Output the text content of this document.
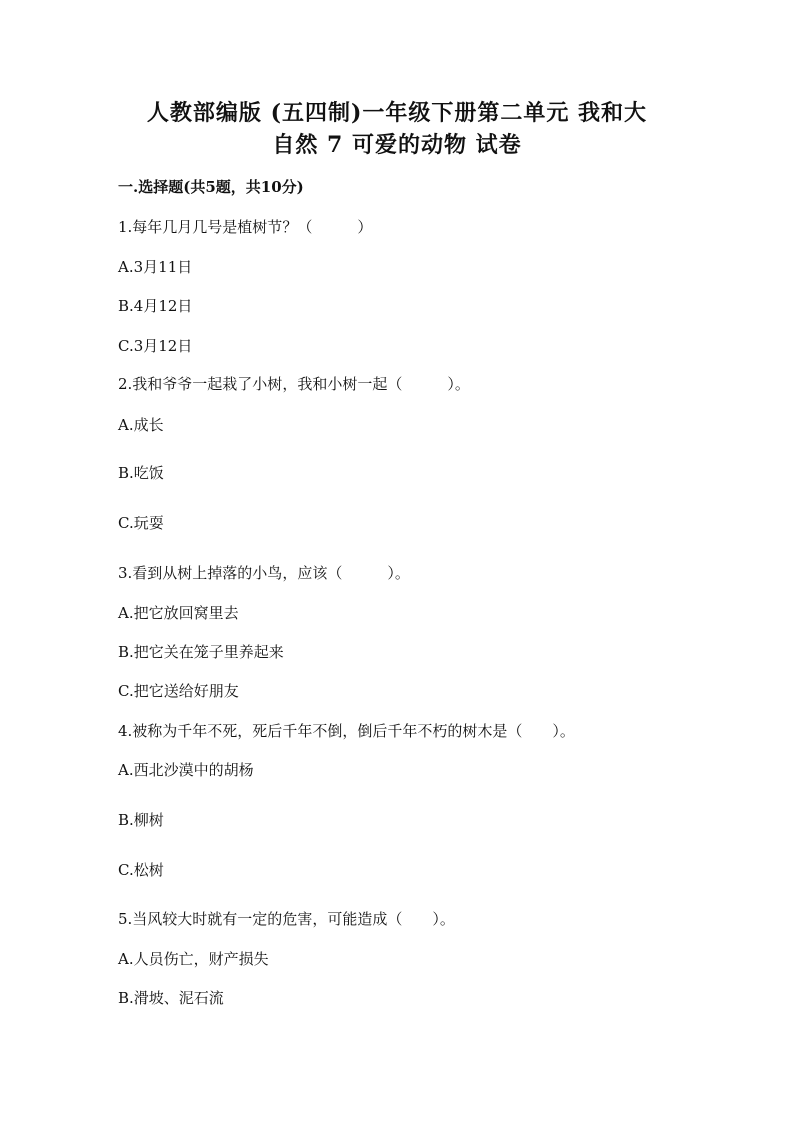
人教部编版 (五四制)一年级下册第二单元 我和大
自然 7 可爱的动物 试卷
一.选择题(共5题，共10分)
1.每年几月几号是植树节？（　　　）
A.3月11日
B.4月12日
C.3月12日
2.我和爷爷一起栽了小树，我和小树一起（　　　）。
A.成长
B.吃饭
C.玩耍
3.看到从树上掉落的小鸟，应该（　　　）。
A.把它放回窝里去
B.把它关在笼子里养起来
C.把它送给好朋友
4.被称为千年不死，死后千年不倒，倒后千年不朽的树木是（　　）。
A.西北沙漠中的胡杨
B.柳树
C.松树
5.当风较大时就有一定的危害，可能造成（　　）。
A.人员伤亡，财产损失
B.滑坡、泥石流
